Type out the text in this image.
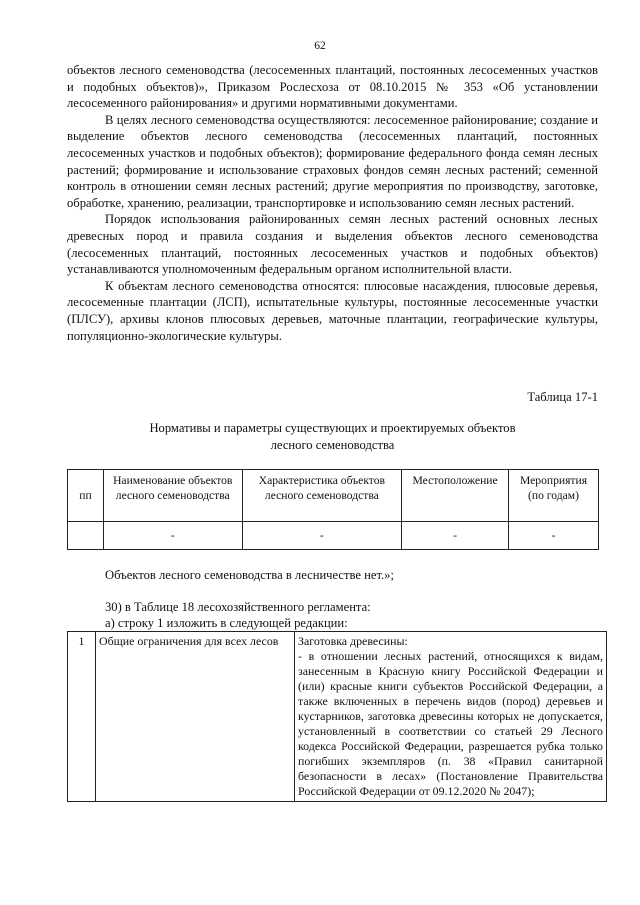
62

объектов лесного семеноводства (лесосеменных плантаций, постоянных лесосеменных участков и подобных объектов)», Приказом Рослесхоза от 08.10.2015 № 353 «Об установлении лесосеменного районирования» и другими нормативными документами.

В целях лесного семеноводства осуществляются: лесосеменное районирование; создание и выделение объектов лесного семеноводства (лесосеменных плантаций, постоянных лесосеменных участков и подобных объектов); формирование федерального фонда семян лесных растений; формирование и использование страховых фондов семян лесных растений; семенной контроль в отношении семян лесных растений; другие мероприятия по производству, заготовке, обработке, хранению, реализации, транспортировке и использованию семян лесных растений.

Порядок использования районированных семян лесных растений основных лесных древесных пород и правила создания и выделения объектов лесного семеноводства (лесосеменных плантаций, постоянных лесосеменных участков и подобных объектов) устанавливаются уполномоченным федеральным органом исполнительной власти.

К объектам лесного семеноводства относятся: плюсовые насаждения, плюсовые деревья, лесосеменные плантации (ЛСП), испытательные культуры, постоянные лесосеменные участки (ПЛСУ), архивы клонов плюсовых деревьев, маточные плантации, географические культуры, популяционно-экологические культуры.

Таблица 17-1
Нормативы и параметры существующих и проектируемых объектов
лесного семеноводства
пп	Наименование объектов лесного семеноводства	Характеристика объектов лесного семеноводства	Местоположение	Мероприятия (по годам)
	-	-	-	-
Объектов лесного семеноводства в лесничестве нет.»;
30) в Таблице 18 лесохозяйственного регламента:
а) строку 1 изложить в следующей редакции:
1	Общие ограничения для всех лесов	Заготовка древесины:
- в отношении лесных растений, относящихся к видам, занесенным в Красную книгу Российской Федерации и (или) красные книги субъектов Российской Федерации, а также включенных в перечень видов (пород) деревьев и кустарников, заготовка древесины которых не допускается, установленный в соответствии со статьей 29 Лесного кодекса Российской Федерации, разрешается рубка только погибших экземпляров (п. 38 «Правил санитарной безопасности в лесах» (Постановление Правительства Российской Федерации от 09.12.2020 № 2047);
